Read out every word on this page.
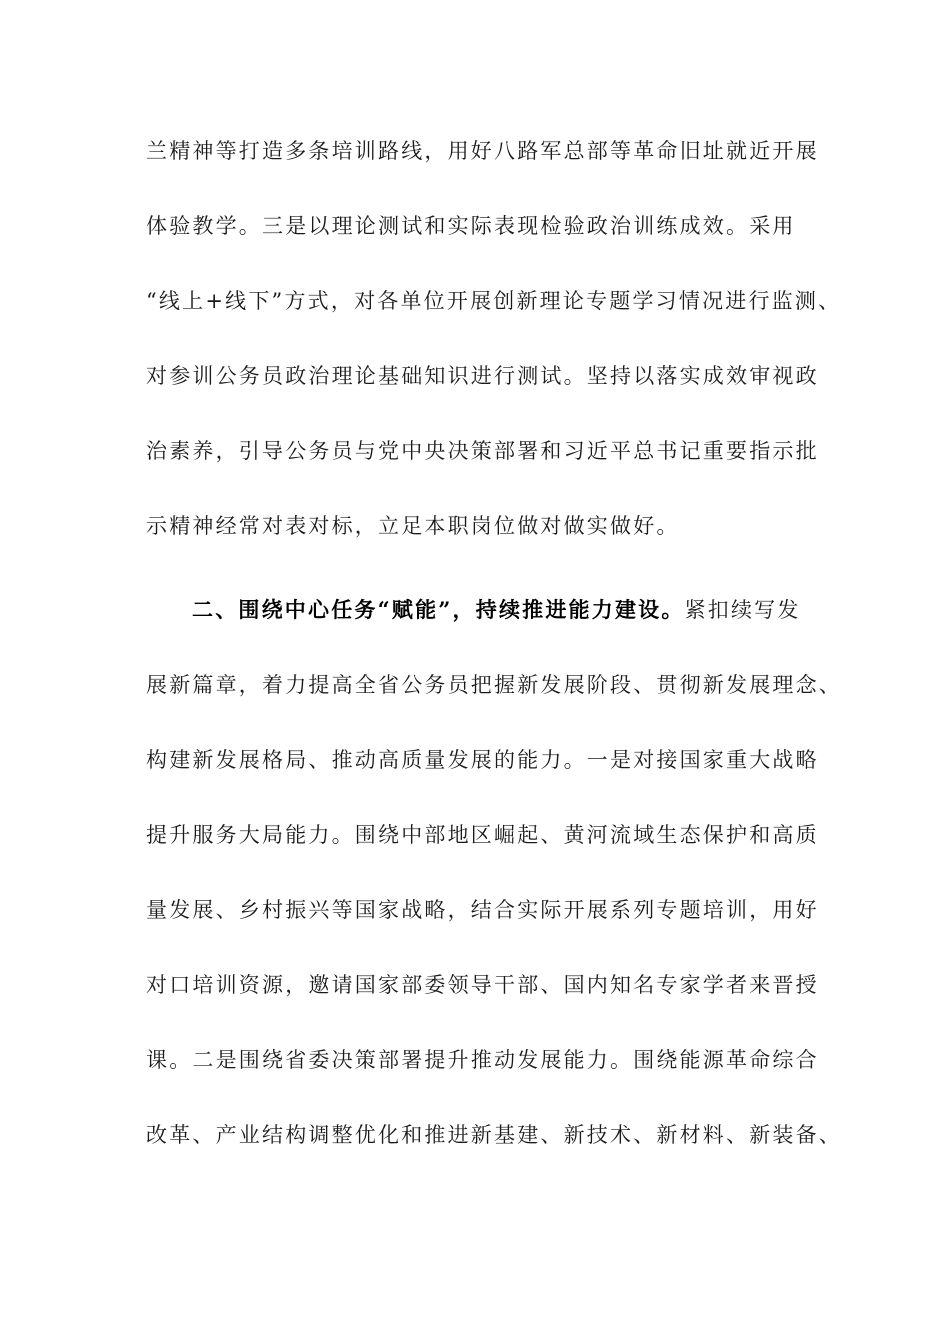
兰精神等打造多条培训路线，用好八路军总部等革命旧址就近开展

体验教学。三是以理论测试和实际表现检验政治训练成效。采用

“线上+线下”方式，对各单位开展创新理论专题学习情况进行监测、

对参训公务员政治理论基础知识进行测试。坚持以落实成效审视政

治素养，引导公务员与党中央决策部署和习近平总书记重要指示批

示精神经常对表对标，立足本职岗位做对做实做好。

二、围绕中心任务“赋能”，持续推进能力建设。紧扣续写发

展新篇章，着力提高全省公务员把握新发展阶段、贯彻新发展理念、

构建新发展格局、推动高质量发展的能力。一是对接国家重大战略

提升服务大局能力。围绕中部地区崛起、黄河流域生态保护和高质

量发展、乡村振兴等国家战略，结合实际开展系列专题培训，用好

对口培训资源，邀请国家部委领导干部、国内知名专家学者来晋授

课。二是围绕省委决策部署提升推动发展能力。围绕能源革命综合

改革、产业结构调整优化和推进新基建、新技术、新材料、新装备、
